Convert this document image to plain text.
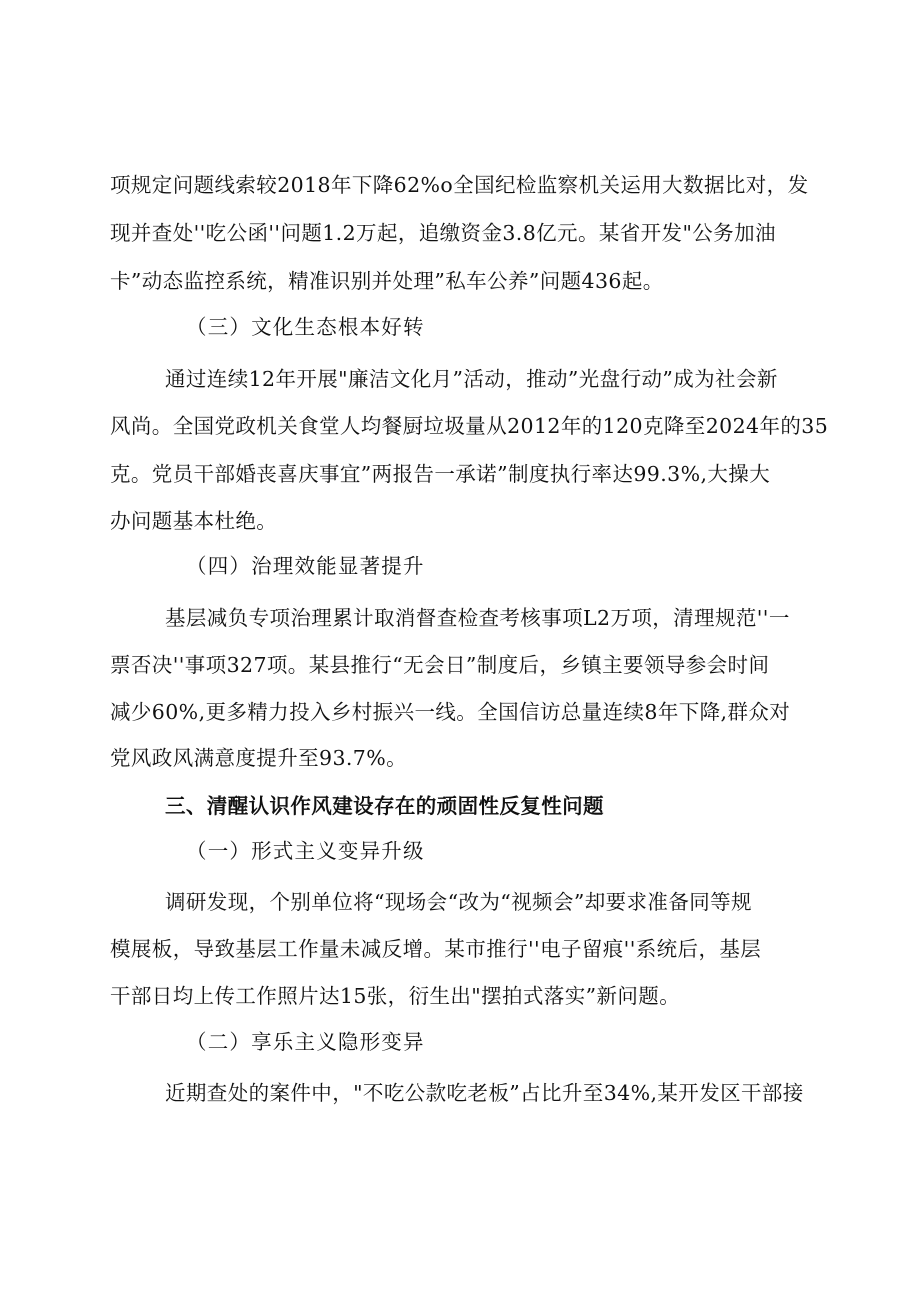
项规定问题线索较2018年下降62%o全国纪检监察机关运用大数据比对，发
现并查处''吃公函''问题1.2万起，追缴资金3.8亿元。某省开发"公务加油
卡”动态监控系统，精准识别并处理”私车公养”问题436起。
（三）文化生态根本好转
通过连续12年开展"廉洁文化月”活动，推动”光盘行动”成为社会新
风尚。全国党政机关食堂人均餐厨垃圾量从2012年的120克降至2024年的35
克。党员干部婚丧喜庆事宜”两报告一承诺”制度执行率达99.3%,大操大
办问题基本杜绝。
（四）治理效能显著提升
基层减负专项治理累计取消督查检查考核事项L2万项，清理规范''一
票否决''事项327项。某县推行“无会日”制度后，乡镇主要领导参会时间
减少60%,更多精力投入乡村振兴一线。全国信访总量连续8年下降,群众对
党风政风满意度提升至93.7%。
三、清醒认识作风建设存在的顽固性反复性问题
（一）形式主义变异升级
调研发现，个别单位将“现场会“改为“视频会”却要求准备同等规
模展板，导致基层工作量未减反增。某市推行''电子留痕''系统后，基层
干部日均上传工作照片达15张，衍生出"摆拍式落实”新问题。
（二）享乐主义隐形变异
近期查处的案件中，"不吃公款吃老板”占比升至34%,某开发区干部接
